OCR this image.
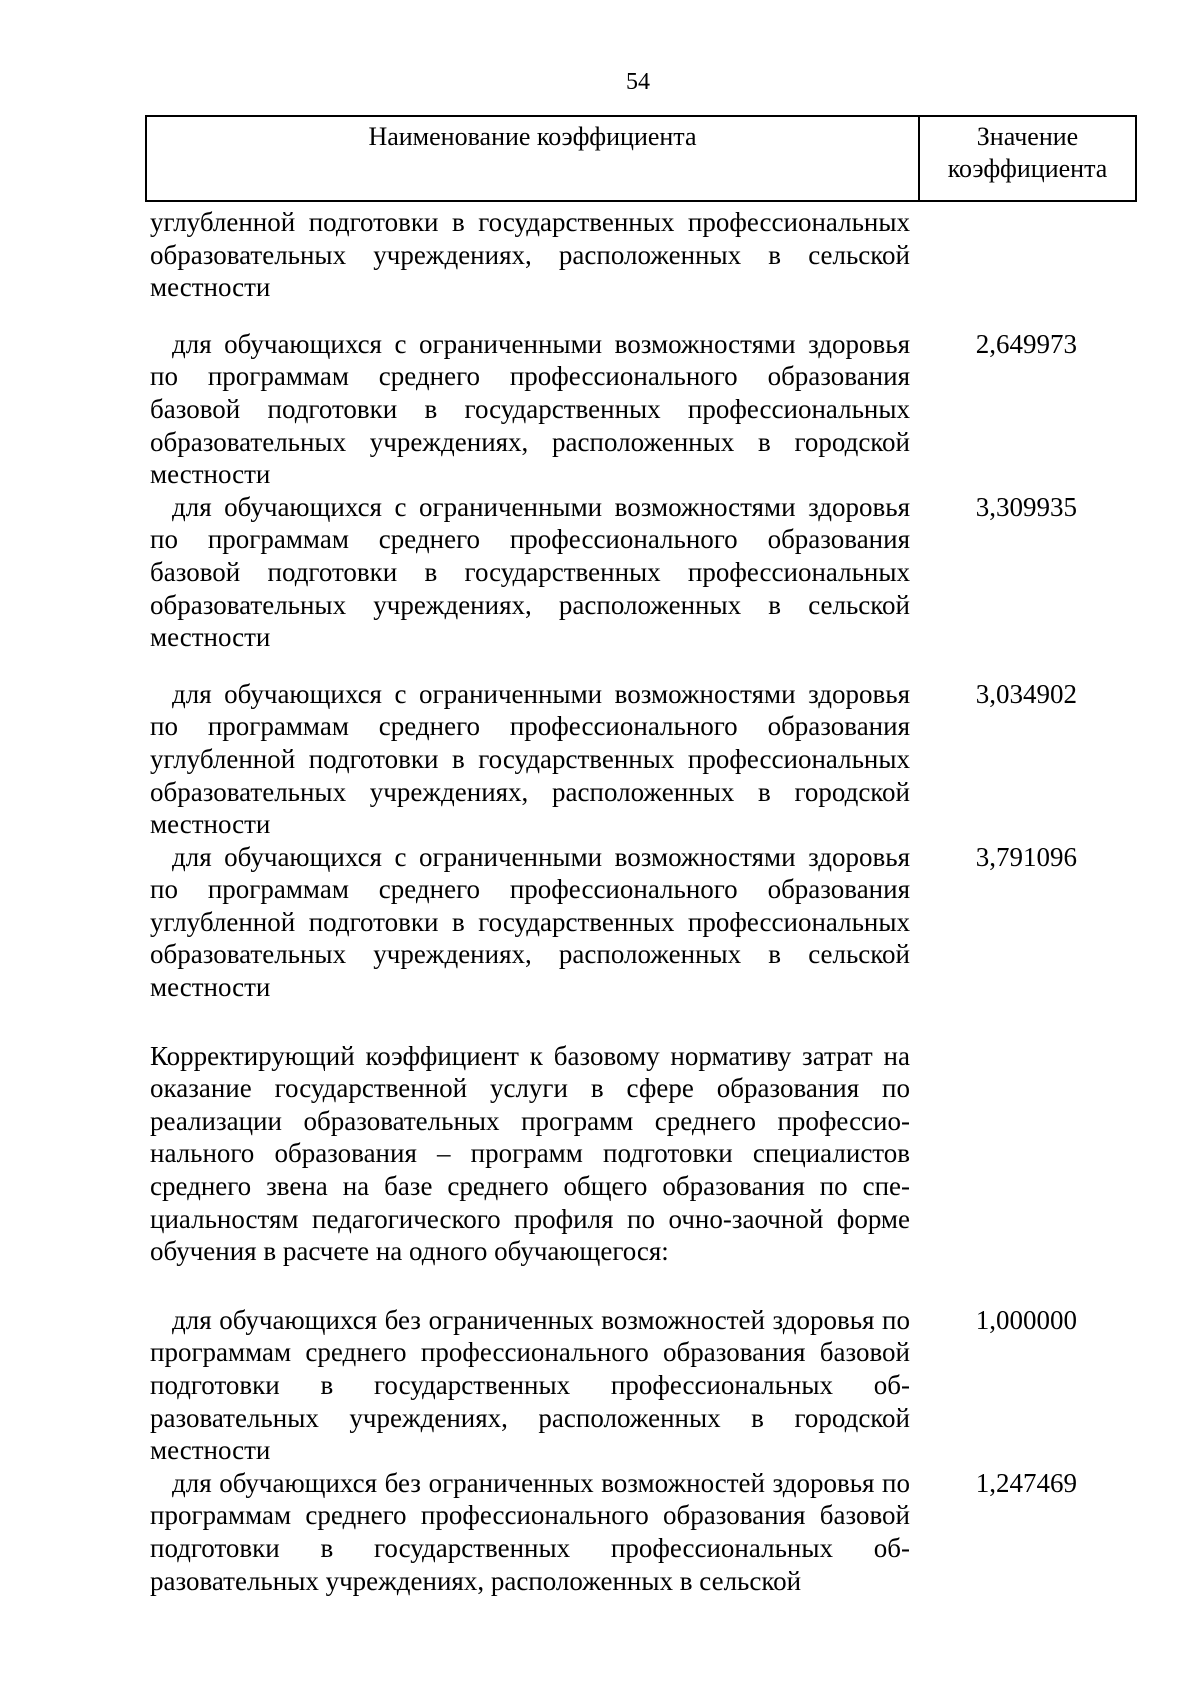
54
Наименование коэффициента	Значение
коэффициента
углубленной подготовки в государственных профессиональных образовательных учреждениях, расположенных в сельской местности
для обучающихся с ограниченными возможностями здоровья по программам среднего профессионального образования базовой подготовки в государственных профессиональных образовательных учреждениях, расположенных в городской местности
2,649973
для обучающихся с ограниченными возможностями здоровья по программам среднего профессионального образования базовой подготовки в государственных профессиональных образовательных учреждениях, расположенных в сельской местности
3,309935
для обучающихся с ограниченными возможностями здоровья по программам среднего профессионального образования углубленной подготовки в государственных профессиональных образовательных учреждениях, расположенных в городской местности
3,034902
для обучающихся с ограниченными возможностями здоровья по программам среднего профессионального образования углубленной подготовки в государственных профессиональных образовательных учреждениях, расположенных в сельской местности
3,791096
Корректирующий коэффициент к базовому нормативу затрат на оказание государственной услуги в сфере образования по реализации образовательных программ среднего профессионального образования – программ подготовки специалистов среднего звена на базе среднего общего образования по специальностям педагогического профиля по очно-заочной форме обучения в расчете на одного обучающегося:
для обучающихся без ограниченных возможностей здоровья по программам среднего профессионального образования базовой подготовки в государственных профессиональных образовательных учреждениях, расположенных в городской местности
1,000000
для обучающихся без ограниченных возможностей здоровья по программам среднего профессионального образования базовой подготовки в государственных профессиональных образовательных учреждениях, расположенных в сельской
1,247469
